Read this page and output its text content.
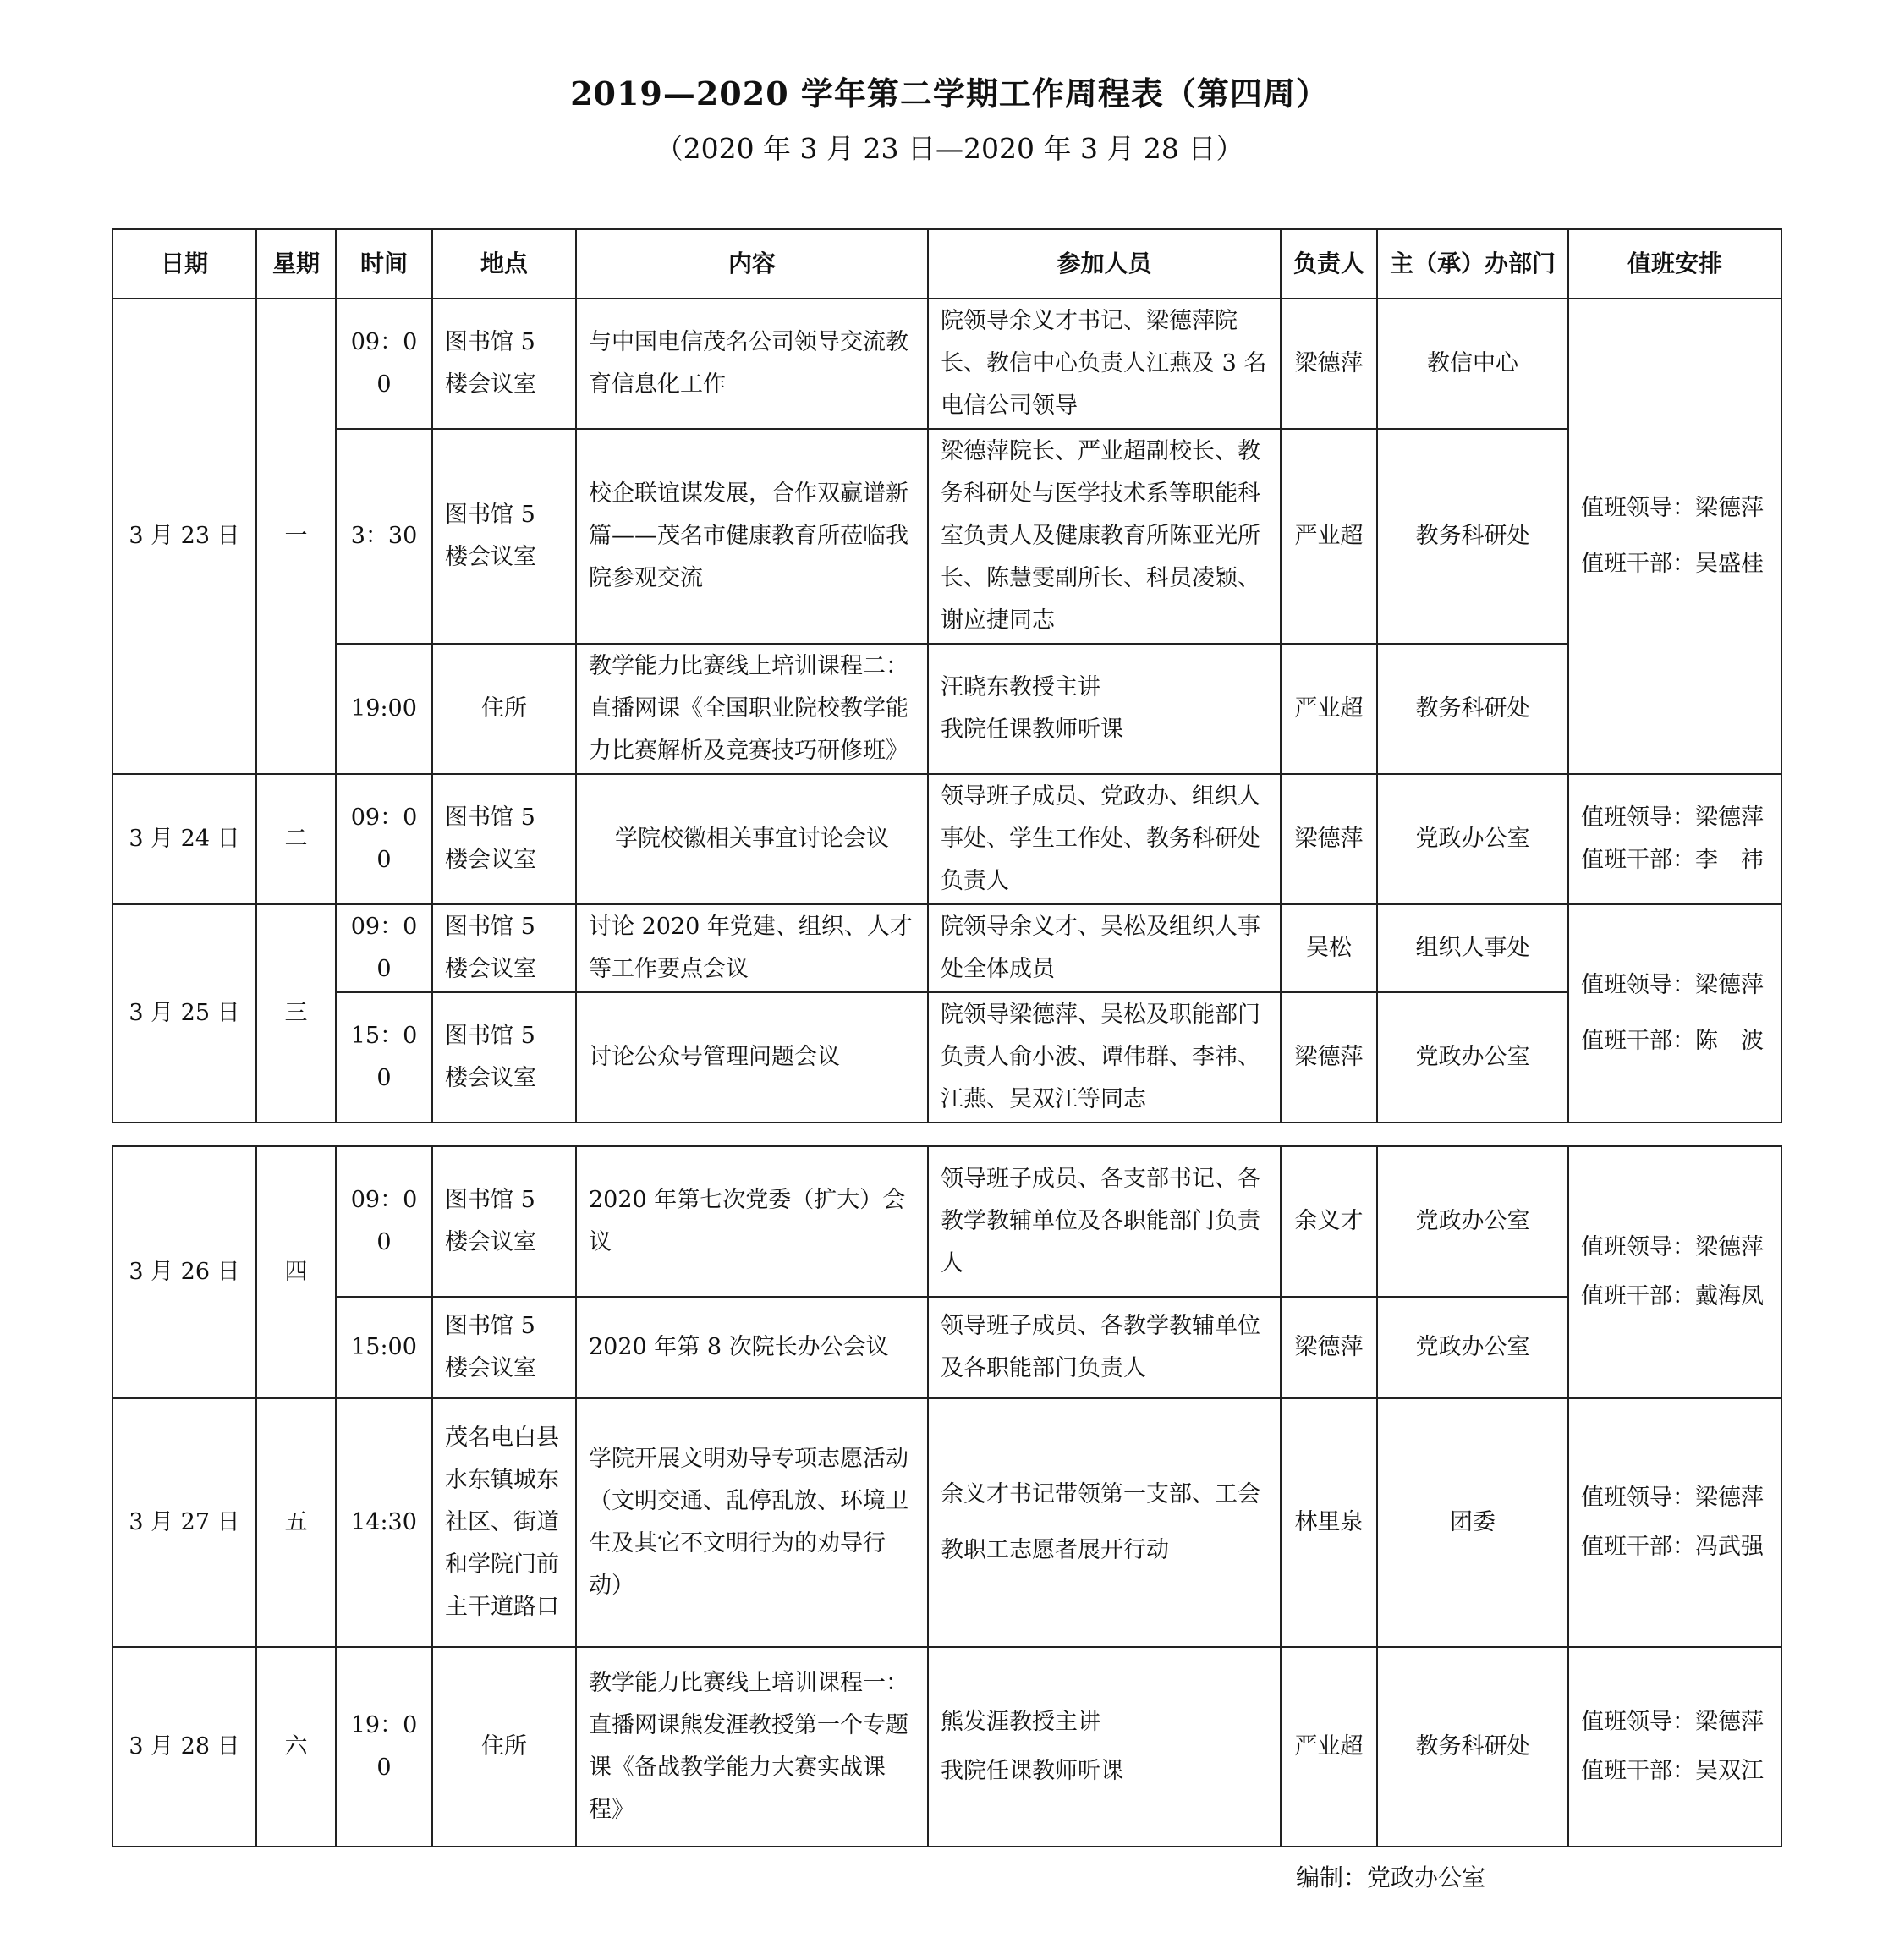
2019—2020 学年第二学期工作周程表（第四周）
（2020 年 3 月 23 日—2020 年 3 月 28 日）
日期	星期	时间	地点	内容	参加人员	负责人	主（承）办部门	值班安排
3 月 23 日	一	09：00	图书馆 5 楼会议室	与中国电信茂名公司领导交流教育信息化工作	院领导余义才书记、梁德萍院长、教信中心负责人江燕及 3 名电信公司领导	梁德萍	教信中心	值班领导：梁德萍
值班干部：吴盛桂

		3：30	图书馆 5 楼会议室	校企联谊谋发展，合作双赢谱新篇——茂名市健康教育所莅临我院参观交流	梁德萍院长、严业超副校长、教务科研处与医学技术系等职能科室负责人及健康教育所陈亚光所长、陈慧雯副所长、科员凌颖、谢应捷同志	严业超	教务科研处	
		19:00	住所	教学能力比赛线上培训课程二：直播网课《全国职业院校教学能力比赛解析及竞赛技巧研修班》	汪晓东教授主讲
我院任课教师听课	严业超	教务科研处	
3 月 24 日	二	09：00	图书馆 5 楼会议室	学院校徽相关事宜讨论会议	领导班子成员、党政办、组织人事处、学生工作处、教务科研处负责人	梁德萍	党政办公室	值班领导：梁德萍
值班干部：李　祎

3 月 25 日	三	09：00	图书馆 5 楼会议室	讨论 2020 年党建、组织、人才等工作要点会议	院领导余义才、吴松及组织人事处全体成员	吴松	组织人事处	值班领导：梁德萍
值班干部：陈　波

		15：00	图书馆 5 楼会议室	讨论公众号管理问题会议	院领导梁德萍、吴松及职能部门负责人俞小波、谭伟群、李祎、江燕、吴双江等同志	梁德萍	党政办公室	
3 月 26 日	四	09：00	图书馆 5 楼会议室	2020 年第七次党委（扩大）会议	领导班子成员、各支部书记、各教学教辅单位及各职能部门负责人	余义才	党政办公室	值班领导：梁德萍
值班干部：戴海凤

		15:00	图书馆 5 楼会议室	2020 年第 8 次院长办公会议	领导班子成员、各教学教辅单位及各职能部门负责人	梁德萍	党政办公室	
3 月 27 日	五	14:30	茂名电白县水东镇城东社区、街道和学院门前主干道路口	学院开展文明劝导专项志愿活动（文明交通、乱停乱放、环境卫生及其它不文明行为的劝导行动）	余义才书记带领第一支部、工会教职工志愿者展开行动	林里泉	团委	值班领导：梁德萍
值班干部：冯武强

3 月 28 日	六	19：00	住所	教学能力比赛线上培训课程一：直播网课熊发涯教授第一个专题课《备战教学能力大赛实战课程》	熊发涯教授主讲
我院任课教师听课	严业超	教务科研处	值班领导：梁德萍
值班干部：吴双江
编制：党政办公室
